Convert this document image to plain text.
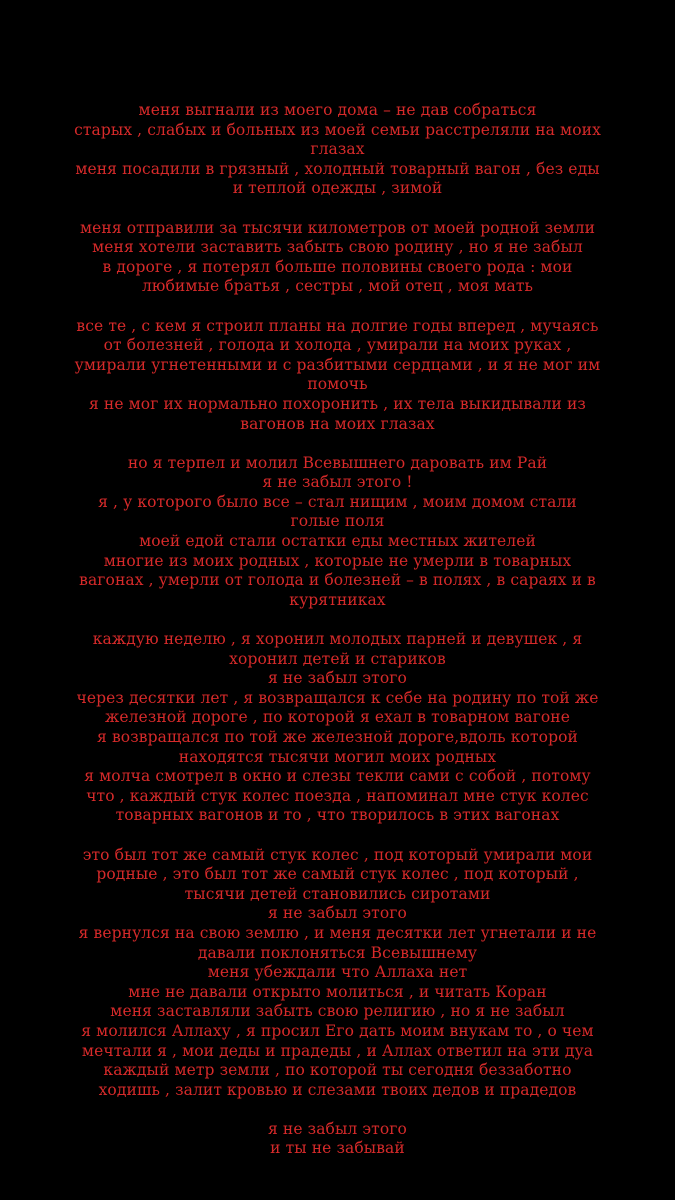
меня выгнали из моего дома – не дав собраться
старых , слабых и больных из моей семьи расстреляли на моих
глазах
меня посадили в грязный , холодный товарный вагон , без еды
и теплой одежды , зимой
меня отправили за тысячи километров от моей родной земли
меня хотели заставить забыть свою родину , но я не забыл
в дороге , я потерял больше половины своего рода : мои
любимые братья , сестры , мой отец , моя мать
все те , с кем я строил планы на долгие годы вперед , мучаясь
от болезней , голода и холода , умирали на моих руках ,
умирали угнетенными и с разбитыми сердцами , и я не мог им
помочь
я не мог их нормально похоронить , их тела выкидывали из
вагонов на моих глазах
но я терпел и молил Всевышнего даровать им Рай
я не забыл этого !
я , у которого было все – стал нищим , моим домом стали
голые поля
моей едой стали остатки еды местных жителей
многие из моих родных , которые не умерли в товарных
вагонах , умерли от голода и болезней – в полях , в сараях и в
курятниках
каждую неделю , я хоронил молодых парней и девушек , я
хоронил детей и стариков
я не забыл этого
через десятки лет , я возвращался к себе на родину по той же
железной дороге , по которой я ехал в товарном вагоне
я возвращался по той же железной дороге,вдоль которой
находятся тысячи могил моих родных
я молча смотрел в окно и слезы текли сами с собой , потому
что , каждый стук колес поезда , напоминал мне стук колес
товарных вагонов и то , что творилось в этих вагонах
это был тот же самый стук колес , под который умирали мои
родные , это был тот же самый стук колес , под который ,
тысячи детей становились сиротами
я не забыл этого
я вернулся на свою землю , и меня десятки лет угнетали и не
давали поклоняться Всевышнему
меня убеждали что Аллаха нет
мне не давали открыто молиться , и читать Коран
меня заставляли забыть свою религию , но я не забыл
я молился Аллаху , я просил Его дать моим внукам то , о чем
мечтали я , мои деды и прадеды , и Аллах ответил на эти дуа
каждый метр земли , по которой ты сегодня беззаботно
ходишь , залит кровью и слезами твоих дедов и прадедов
я не забыл этого
и ты не забывай
